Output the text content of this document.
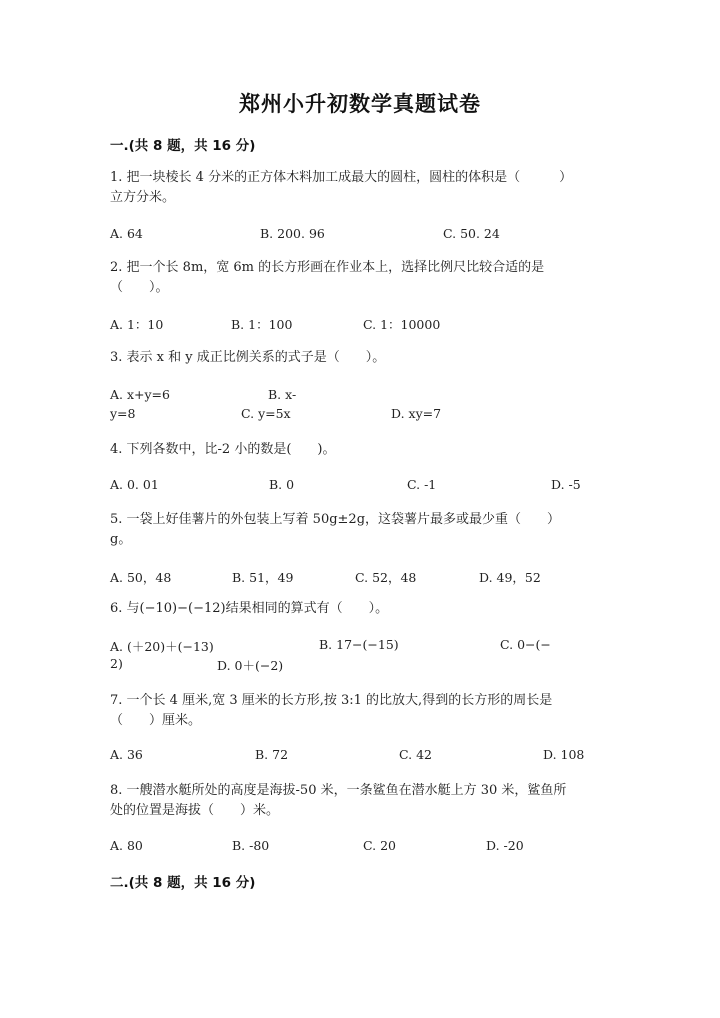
郑州小升初数学真题试卷
一.(共 8 题，共 16 分)
1. 把一块棱长 4 分米的正方体木料加工成最大的圆柱，圆柱的体积是（　　　）
立方分米。
A. 64	B. 200. 96	C. 50. 24
2. 把一个长 8m，宽 6m 的长方形画在作业本上，选择比例尺比较合适的是
（　　）。
A. 1：10	B. 1：100	C. 1：10000
3. 表示 x 和 y 成正比例关系的式子是（　　）。
A. x+y=6	B. x-
y=8	C. y=5x	D. xy=7
4. 下列各数中，比-2 小的数是(　　)。
A. 0. 01	B. 0	C. -1	D. -5
5. 一袋上好佳薯片的外包装上写着 50g±2g，这袋薯片最多或最少重（　　）
g。
A. 50，48	B. 51，49	C. 52，48	D. 49，52
6. 与(−10)−(−12)结果相同的算式有（　　）。
A. (＋20)＋(−13)	B. 17−(−15)	C. 0−(−
2)	D. 0＋(−2)
7. 一个长 4 厘米,宽 3 厘米的长方形,按 3:1 的比放大,得到的长方形的周长是
（　　）厘米。
A. 36	B. 72	C. 42	D. 108
8. 一艘潜水艇所处的高度是海拔-50 米，一条鲨鱼在潜水艇上方 30 米，鲨鱼所
处的位置是海拔（　　）米。
A. 80	B. -80	C. 20	D. -20
二.(共 8 题，共 16 分)
